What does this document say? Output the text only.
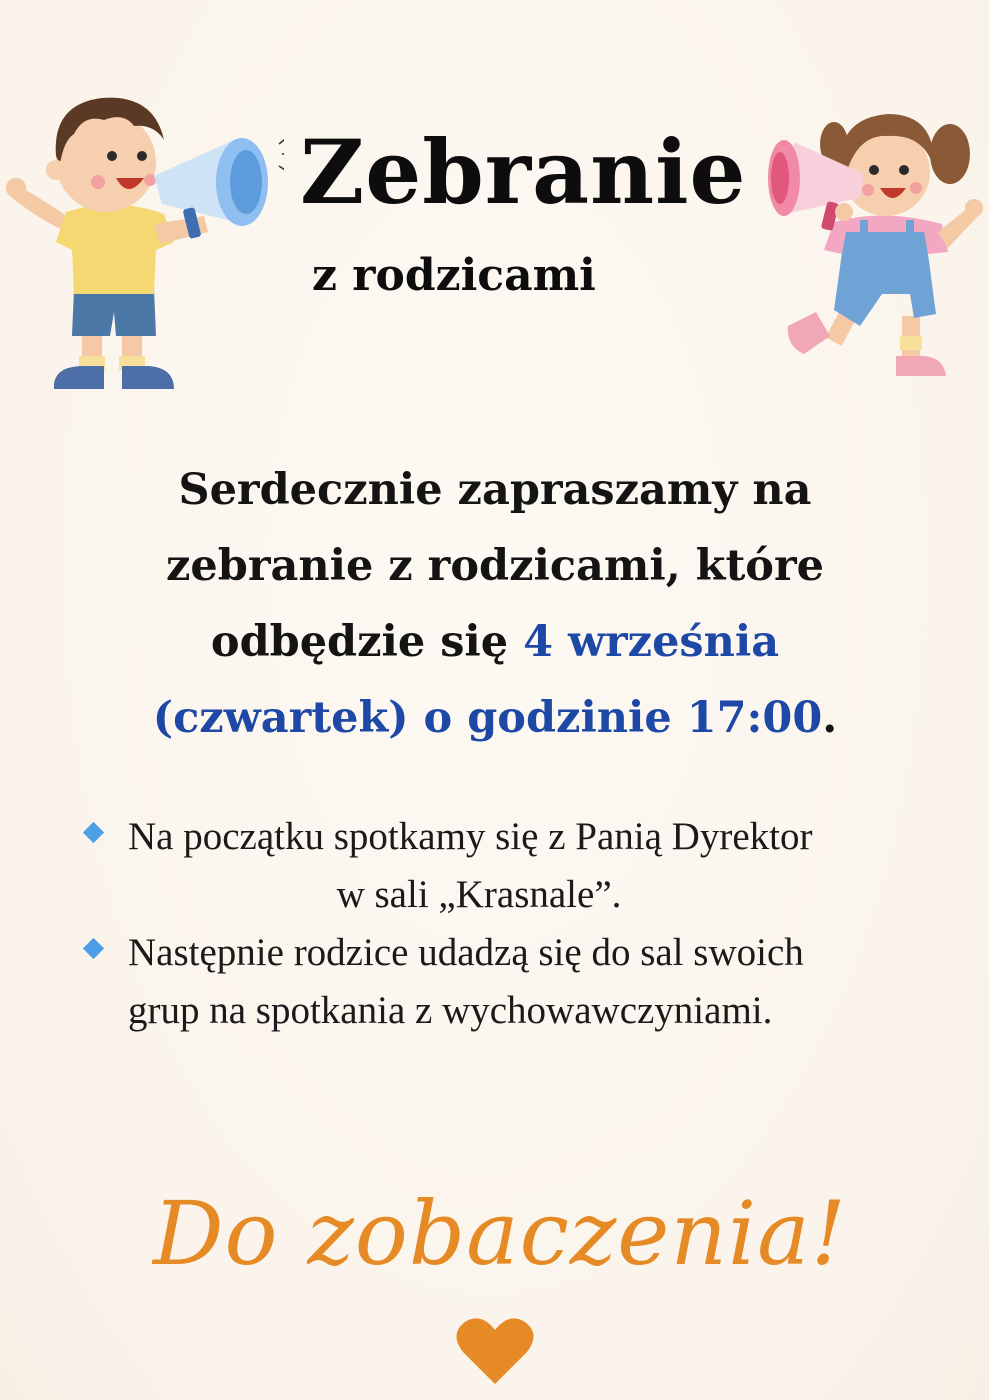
Zebranie
z rodzicami
Serdecznie zapraszamy na
zebranie z rodzicami, które
odbędzie się 4 września
(czwartek) o godzinie 17:00.
Na początku spotkamy się z Panią Dyrektor
w sali „Krasnale”.
Następnie rodzice udadzą się do sal swoich
grup na spotkania z wychowawczyniami.
Do zobaczenia!
